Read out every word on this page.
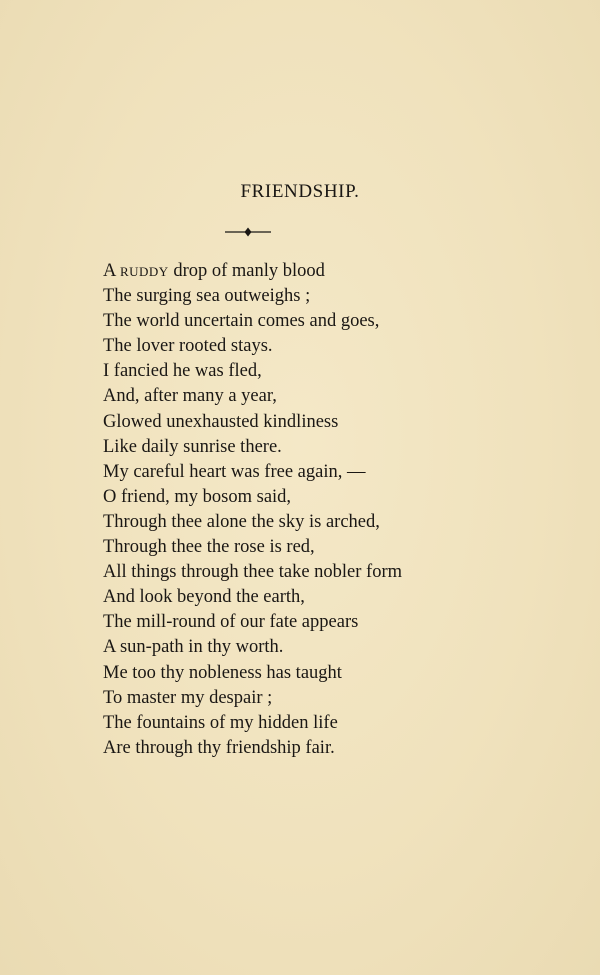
FRIENDSHIP.
A ruddy drop of manly blood
The surging sea outweighs ;
The world uncertain comes and goes,
The lover rooted stays.
I fancied he was fled,
And, after many a year,
Glowed unexhausted kindliness
Like daily sunrise there.
My careful heart was free again, —
O friend, my bosom said,
Through thee alone the sky is arched,
Through thee the rose is red,
All things through thee take nobler form
And look beyond the earth,
The mill-round of our fate appears
A sun-path in thy worth.
Me too thy nobleness has taught
To master my despair ;
The fountains of my hidden life
Are through thy friendship fair.
